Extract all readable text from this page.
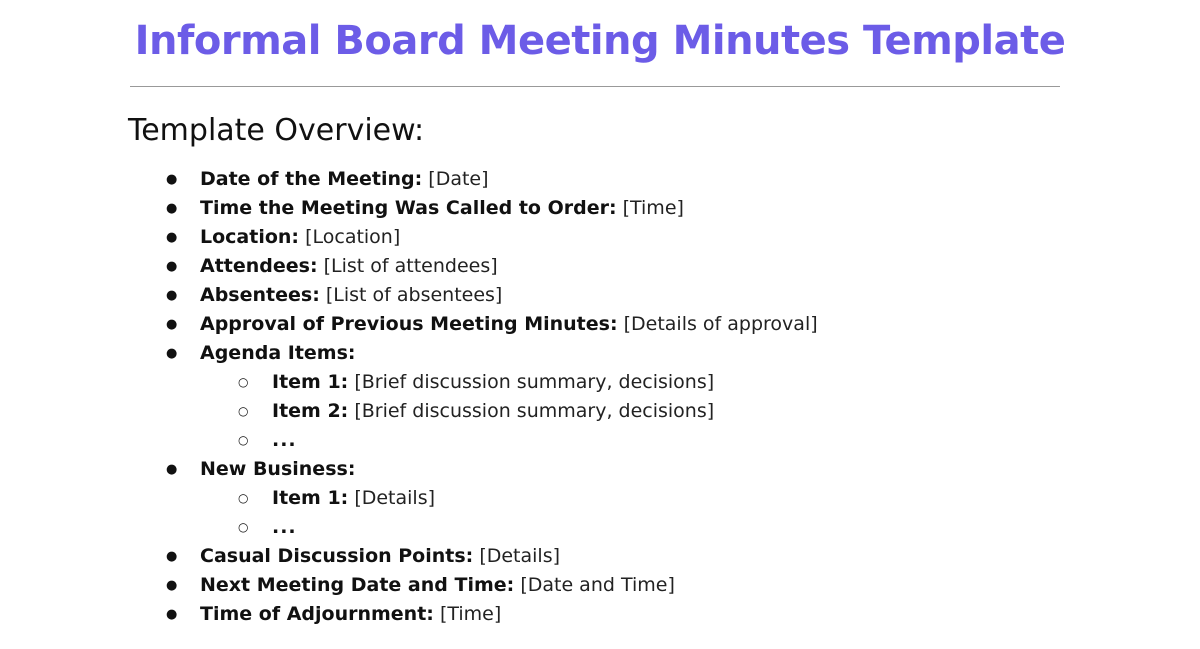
Informal Board Meeting Minutes Template
Template Overview:
● Date of the Meeting: [Date]
● Time the Meeting Was Called to Order: [Time]
● Location: [Location]
● Attendees: [List of attendees]
● Absentees: [List of absentees]
● Approval of Previous Meeting Minutes: [Details of approval]
● Agenda Items:
○ Item 1: [Brief discussion summary, decisions]
○ Item 2: [Brief discussion summary, decisions]
○ ...
● New Business:
○ Item 1: [Details]
○ ...
● Casual Discussion Points: [Details]
● Next Meeting Date and Time: [Date and Time]
● Time of Adjournment: [Time]
